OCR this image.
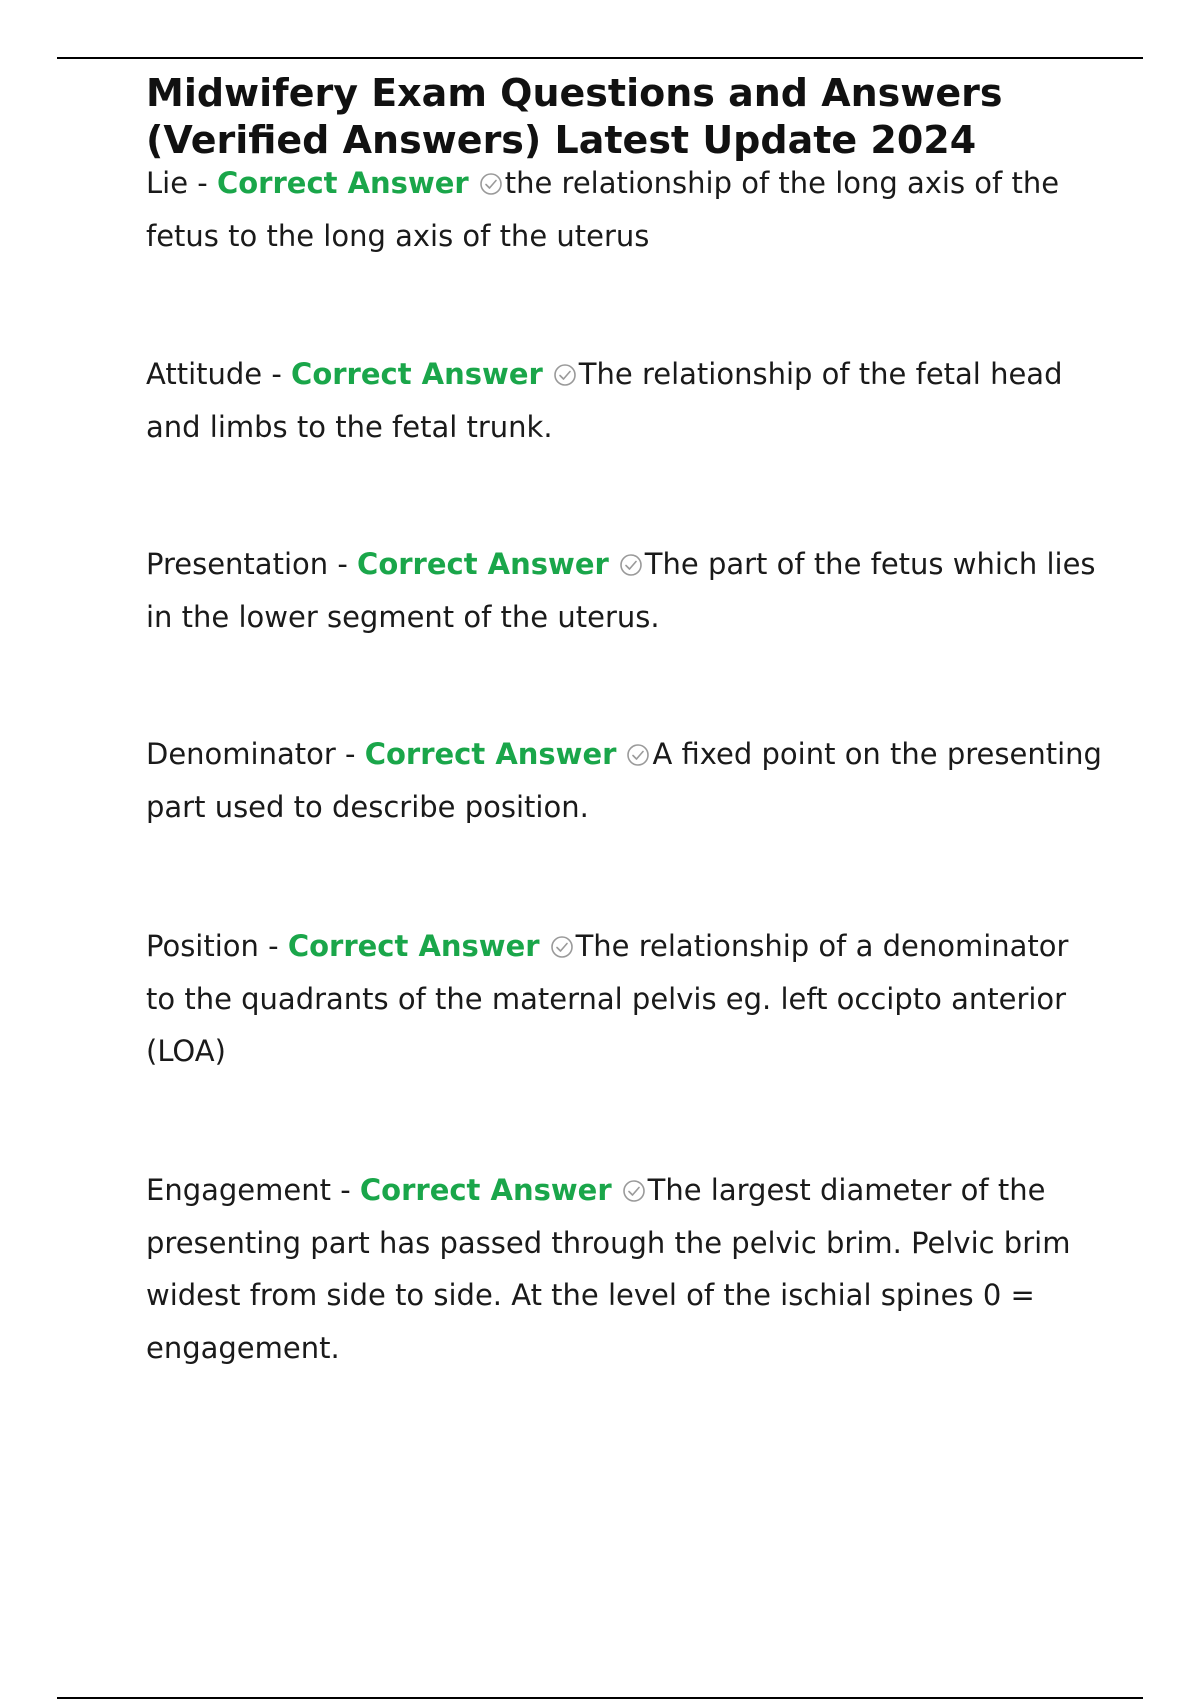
Midwifery Exam Questions and Answers (Verified Answers) Latest Update 2024

Lie - Correct Answer the relationship of the long axis of the fetus to the long axis of the uterus

Attitude - Correct Answer The relationship of the fetal head and limbs to the fetal trunk.

Presentation - Correct Answer The part of the fetus which lies in the lower segment of the uterus.

Denominator - Correct Answer A fixed point on the presenting part used to describe position.

Position - Correct Answer The relationship of a denominator to the quadrants of the maternal pelvis eg. left occipto anterior (LOA)

Engagement - Correct Answer The largest diameter of the presenting part has passed through the pelvic brim. Pelvic brim widest from side to side. At the level of the ischial spines 0 = engagement.
